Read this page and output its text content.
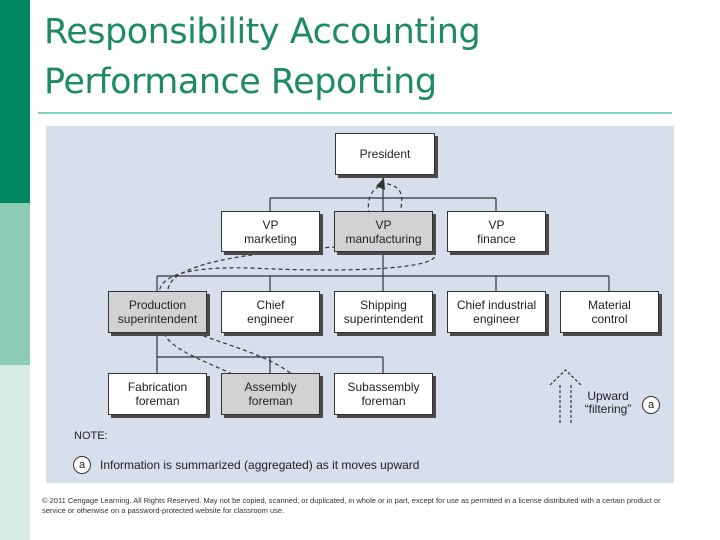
Responsibility Accounting
Performance Reporting
President
VP
marketing
VP
manufacturing
VP
finance
Production
superintendent
Chief
engineer
Shipping
superintendent
Chief industrial
engineer
Material
control
Fabrication
foreman
Assembly
foreman
Subassembly
foreman	Upward
“filtering”	a
NOTE:
a	Information is summarized (aggregated) as it moves upward
© 2011 Cengage Learning. All Rights Reserved. May not be copied, scanned, or duplicated, in whole or in part, except for use as permitted in a license distributed with a certain product or service or otherwise on a password-protected website for classroom use.
